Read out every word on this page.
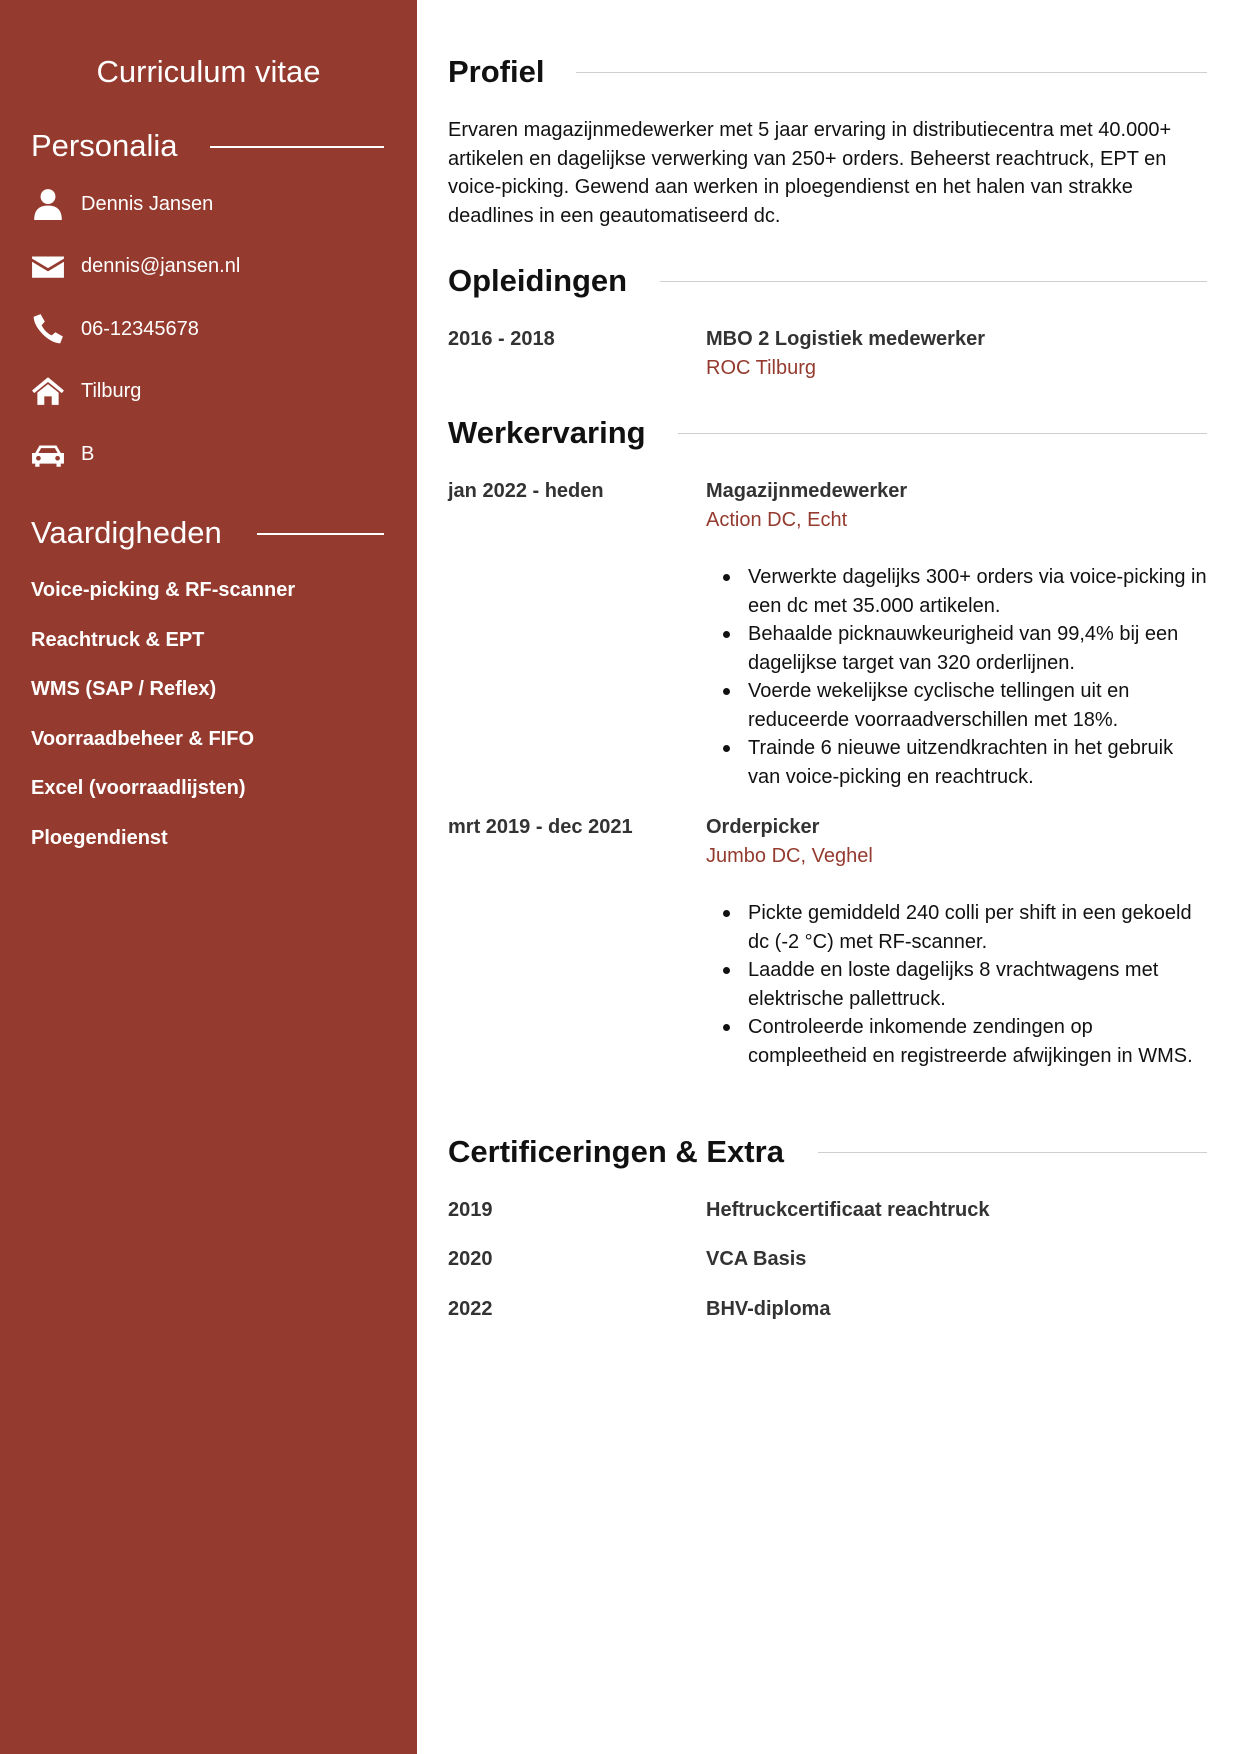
Curriculum vitae
Personalia
Dennis Jansen
dennis@jansen.nl
06-12345678
Tilburg
B
Vaardigheden
Voice-picking & RF-scanner
Reachtruck & EPT
WMS (SAP / Reflex)
Voorraadbeheer & FIFO
Excel (voorraadlijsten)
Ploegendienst
Profiel

Ervaren magazijnmedewerker met 5 jaar ervaring in distributiecentra met 40.000+ artikelen en dagelijkse verwerking van 250+ orders. Beheerst reachtruck, EPT en voice-picking. Gewend aan werken in ploegendienst en het halen van strakke deadlines in een geautomatiseerd dc.

Opleidingen
2016 - 2018	MBO 2 Logistiek medewerker
ROC Tilburg
Werkervaring
jan 2022 - heden	Magazijnmedewerker
Action DC, Echt
Verwerkte dagelijks 300+ orders via voice-picking in een dc met 35.000 artikelen.
Behaalde picknauwkeurigheid van 99,4% bij een dagelijkse target van 320 orderlijnen.
Voerde wekelijkse cyclische tellingen uit en reduceerde voorraadverschillen met 18%.
Trainde 6 nieuwe uitzendkrachten in het gebruik van voice-picking en reachtruck.
mrt 2019 - dec 2021	Orderpicker
Jumbo DC, Veghel
Pickte gemiddeld 240 colli per shift in een gekoeld dc (-2 °C) met RF-scanner.
Laadde en loste dagelijks 8 vrachtwagens met elektrische pallettruck.
Controleerde inkomende zendingen op compleetheid en registreerde afwijkingen in WMS.
Certificeringen & Extra
2019	Heftruckcertificaat reachtruck
2020	VCA Basis
2022	BHV-diploma
